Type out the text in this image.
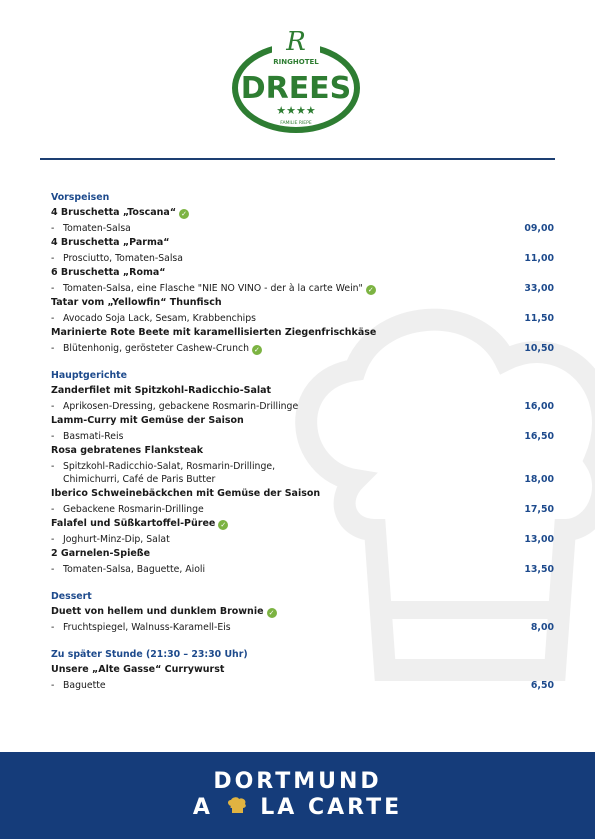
R
RINGHOTEL
DREES
★★★★
FAMILIE RIEPE
Vorspeisen
4 Bruschetta „Toscana“ ✓
- Tomaten-Salsa	09,00
4 Bruschetta „Parma“
- Prosciutto, Tomaten-Salsa	11,00
6 Bruschetta „Roma“
- Tomaten-Salsa, eine Flasche "NIE NO VINO - der à la carte Wein" ✓	33,00
Tatar vom „Yellowfin“ Thunfisch
- Avocado Soja Lack, Sesam, Krabbenchips	11,50
Marinierte Rote Beete mit karamellisierten Ziegenfrischkäse
- Blütenhonig, gerösteter Cashew-Crunch ✓	10,50
Hauptgerichte
Zanderfilet mit Spitzkohl-Radicchio-Salat
- Aprikosen-Dressing, gebackene Rosmarin-Drillinge	16,00
Lamm-Curry mit Gemüse der Saison
- Basmati-Reis	16,50
Rosa gebratenes Flanksteak
- Spitzkohl-Radicchio-Salat, Rosmarin-Drillinge,
Chimichurri, Café de Paris Butter	18,00
Iberico Schweinebäckchen mit Gemüse der Saison
- Gebackene Rosmarin-Drillinge	17,50
Falafel und Süßkartoffel-Püree ✓
- Joghurt-Minz-Dip, Salat	13,00
2 Garnelen-Spieße
- Tomaten-Salsa, Baguette, Aioli	13,50
Dessert
Duett von hellem und dunklem Brownie ✓
- Fruchtspiegel, Walnuss-Karamell-Eis	8,00
Zu später Stunde (21:30 – 23:30 Uhr)
Unsere „Alte Gasse“ Currywurst
- Baguette	6,50
DORTMUND
A LA CARTE
